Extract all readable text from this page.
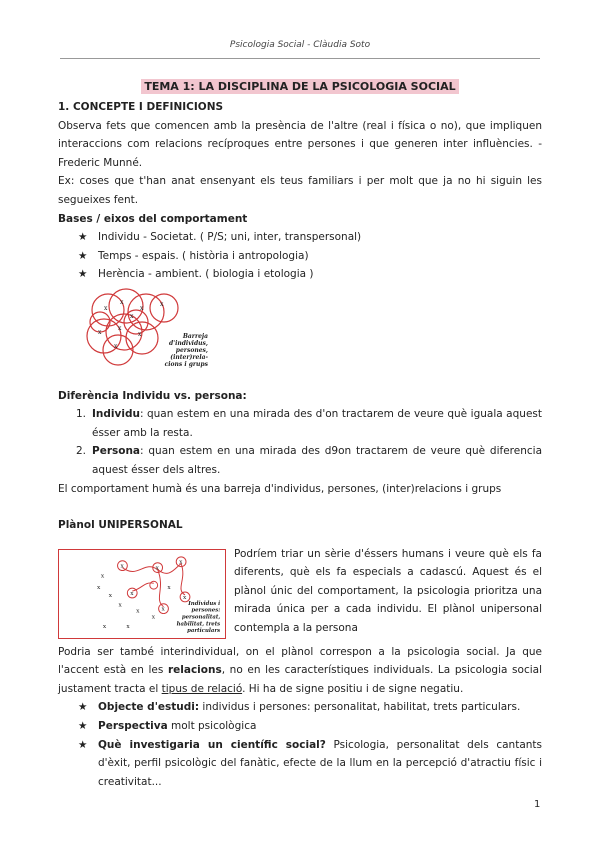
Psicologia Social - Clàudia Soto
TEMA 1: LA DISCIPLINA DE LA PSICOLOGIA SOCIAL
1. CONCEPTE I DEFINICIONS

Observa fets que comencen amb la presència de l'altre (real i física o no), que impliquen interaccions com relacions recíproques entre persones i que generen inter influències. - Frederic Munné.

Ex: coses que t'han anat ensenyant els teus familiars i per molt que ja no hi siguin les segueixes fent.

Bases / eixos del comportament
★ Individu - Societat. ( P/S; uni, inter, transpersonal)
★ Temps - espais. ( història i antropologia)
★ Herència - ambient. ( biologia i etologia )
x
x
x
x
x
x
x
x
x
Barreja
d'individus,
persones,
(inter)rela-
cions i grups
Diferència Individu vs. persona:
1. Individu: quan estem en una mirada des d'on tractarem de veure què iguala aquest ésser amb la resta.
2. Persona: quan estem en una mirada des d9on tractarem de veure què diferencia aquest ésser dels altres.

El comportament humà és una barreja d'individus, persones, (inter)relacions i grups

Plànol UNIPERSONAL
x	x
x
x
x
x
x
x
x
x
x
x
x	x
x
Individus i
persones:
personalitat,
habilitat, trets
particulars

Podríem triar un sèrie d'éssers humans i veure què els fa diferents, què els fa especials a cadascú. Aquest és el plànol únic del comportament, la psicologia prioritza una mirada única per a cada individu. El plànol unipersonal contempla a la persona

Podria ser també interindividual, on el plànol correspon a la psicologia social. Ja que l'accent està en les relacions, no en les característiques individuals. La psicologia social justament tracta el tipus de relació. Hi ha de signe positiu i de signe negatiu.

★ Objecte d'estudi: individus i persones: personalitat, habilitat, trets particulars.
★ Perspectiva molt psicològica
★ Què investigaria un científic social? Psicologia, personalitat dels cantants d'èxit, perfil psicològic del fanàtic, efecte de la llum en la percepció d'atractiu físic i creativitat...
1
